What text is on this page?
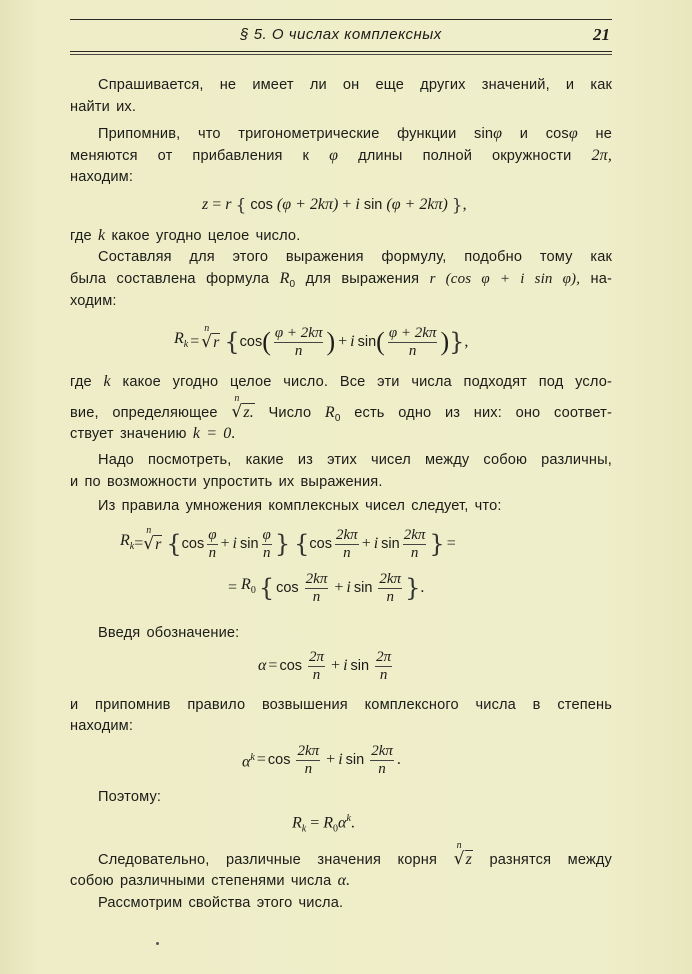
§ 5. О числах комплексных	21
Спрашивается, не имеет ли он еще других значений, и как
найти их.
Припомнив, что тригонометрические функции sinφ и cosφ не
меняются от прибавления к φ длины полной окружности 2π,
находим:
z = r { cos (φ + 2kπ) + i sin (φ + 2kπ) },
где k какое угодно целое число.
Составляя для этого выражения формулу, подобно тому как
была составлена формула $R_0$ для выражения r (cos φ + i sin φ), на-
ходим:
$R_k$ =
n
√r { cos ( $\frac{\varphi + 2k\pi}{n}$ ) + i sin ( $\frac{\varphi + 2k\pi}{n}$ ) } ,
где k какое угодно целое число. Все эти числа подходят под усло-
вие, определяющее
n
√z. Число $R_0$ есть одно из них: оно соответ-
ствует значению k = 0.
Надо посмотреть, какие из этих чисел между собою различны,
и по возможности упростить их выражения.
Из правила умножения комплексных чисел следует, что:
$R_k$ =
n
√r { $\cos \frac{\varphi}{n} + i$ $\sin \frac{\varphi}{n}$ } { $\cos \frac{2k\pi}{n} + i$ $\sin \frac{2k\pi}{n}$ } =
= $R_0$ { $\cos \frac{2k\pi}{n} + i$ $\sin \frac{2k\pi}{n}$ } .
Введя обозначение:
$\alpha = \cos \frac{2\pi}{n} + i$ $\sin \frac{2\pi}{n}$
и припомнив правило возвышения комплексного числа в степень
находим:
$\alpha^k = \cos \frac{2k\pi}{n} + i$ $\sin \frac{2k\pi}{n}$ .
Поэтому:
$R_k = R_0\alpha^k$.
Следовательно, различные значения корня
n
√z разнятся между
собою различными степенями числа α.
Рассмотрим свойства этого числа.
